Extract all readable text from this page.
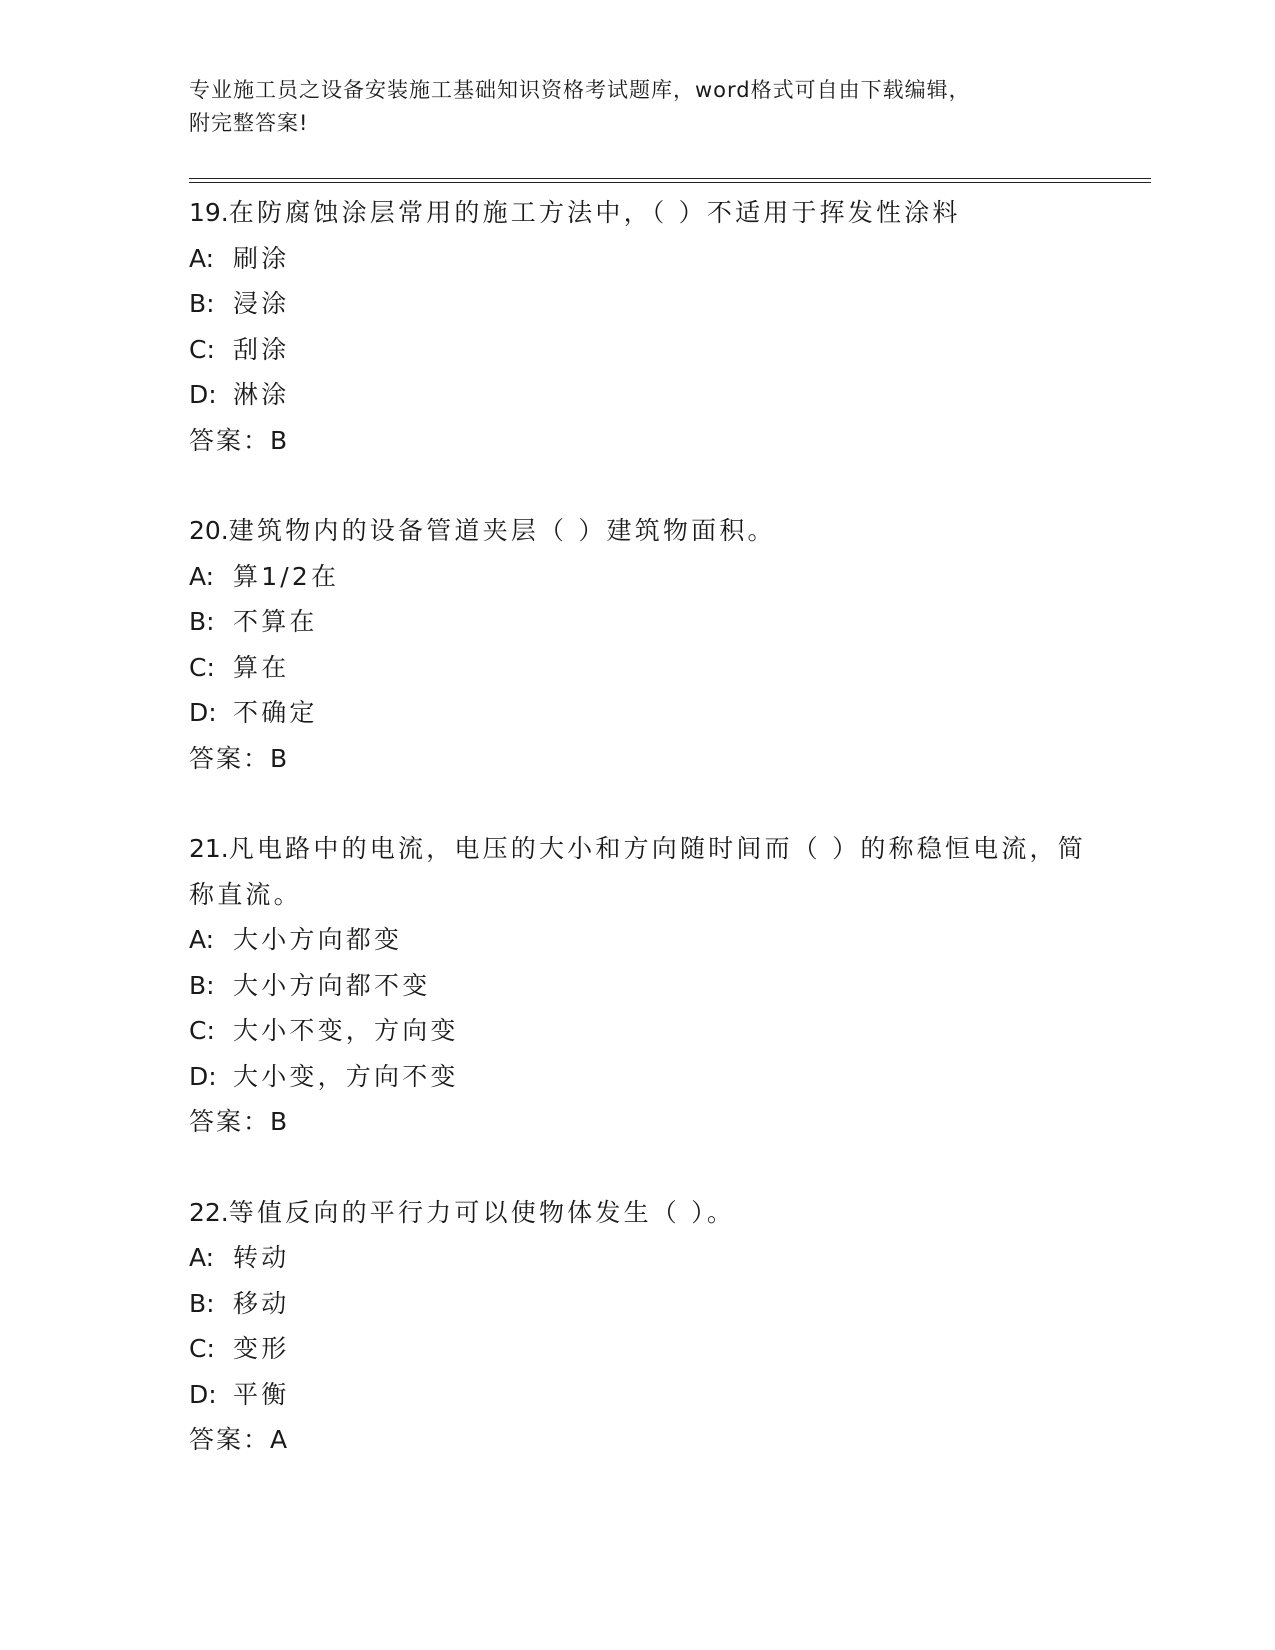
专业施工员之设备安装施工基础知识资格考试题库，word格式可自由下载编辑，
附完整答案!
19.在防腐蚀涂层常用的施工方法中，（ ）不适用于挥发性涂料
A: 刷涂
B: 浸涂
C: 刮涂
D: 淋涂
答案：B
20.建筑物内的设备管道夹层（ ）建筑物面积。
A: 算1/2在
B: 不算在
C: 算在
D: 不确定
答案：B
21.凡电路中的电流，电压的大小和方向随时间而（ ）的称稳恒电流，简称直流。
A: 大小方向都变
B: 大小方向都不变
C: 大小不变，方向变
D: 大小变，方向不变
答案：B
22.等值反向的平行力可以使物体发生（ ）。
A: 转动
B: 移动
C: 变形
D: 平衡
答案：A
